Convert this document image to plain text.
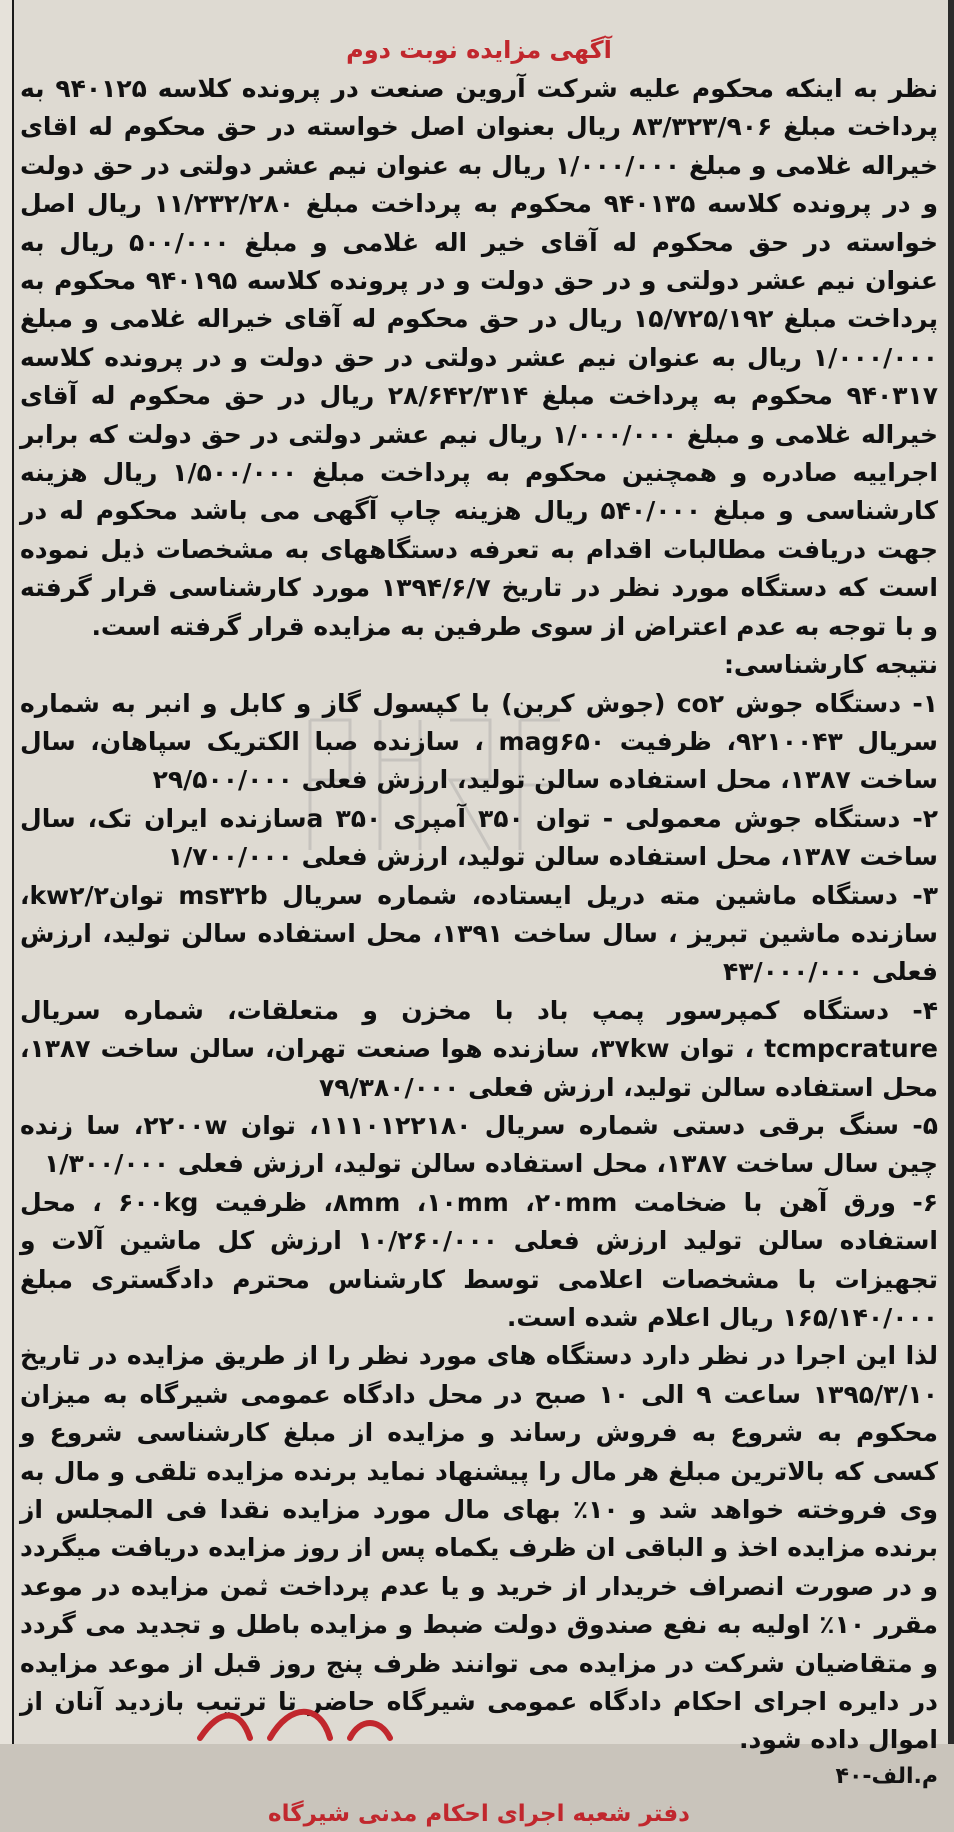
آگهی مزایده نوبت دوم

نظر به اینکه محکوم علیه شرکت آروین صنعت در پرونده کلاسه ۹۴۰۱۲۵ به پرداخت مبلغ ۸۳/۳۲۳/۹۰۶ ریال بعنوان اصل خواسته در حق محکوم له اقای خیراله غلامی و مبلغ ۱/۰۰۰/۰۰۰ ریال به عنوان نیم عشر دولتی در حق دولت و در پرونده کلاسه ۹۴۰۱۳۵ محکوم به پرداخت مبلغ ۱۱/۲۳۲/۲۸۰ ریال اصل خواسته در حق محکوم له آقای خیر اله غلامی و مبلغ ۵۰۰/۰۰۰ ریال به عنوان نیم عشر دولتی و در حق دولت و در پرونده کلاسه ۹۴۰۱۹۵ محکوم به پرداخت مبلغ ۱۵/۷۲۵/۱۹۲ ریال در حق محکوم له آقای خیراله غلامی و مبلغ ۱/۰۰۰/۰۰۰ ریال به عنوان نیم عشر دولتی در حق دولت و در پرونده کلاسه ۹۴۰۳۱۷ محکوم به پرداخت مبلغ ۲۸/۶۴۲/۳۱۴ ریال در حق محکوم له آقای خیراله غلامی و مبلغ ۱/۰۰۰/۰۰۰ ریال نیم عشر دولتی در حق دولت که برابر اجراییه صادره و همچنین محکوم به پرداخت مبلغ ۱/۵۰۰/۰۰۰ ریال هزینه کارشناسی و مبلغ ۵۴۰/۰۰۰ ریال هزینه چاپ آگهی می باشد محکوم له در جهت دریافت مطالبات اقدام به تعرفه دستگاههای به مشخصات ذیل نموده است که دستگاه مورد نظر در تاریخ ۱۳۹۴/۶/۷ مورد کارشناسی قرار گرفته و با توجه به عدم اعتراض از سوی طرفین به مزایده قرار گرفته است.

نتیجه کارشناسی:

۱- دستگاه جوش co۲ (جوش کربن) با کپسول گاز و کابل و انبر به شماره سریال ۹۲۱۰۰۴۳، ظرفیت mag۶۵۰ ، سازنده صبا الکتریک سپاهان، سال ساخت ۱۳۸۷، محل استفاده سالن تولید، ارزش فعلی ۲۹/۵۰۰/۰۰۰

۲- دستگاه جوش معمولی - توان ۳۵۰ آمپری ۳۵۰ aسازنده ایران تک، سال ساخت ۱۳۸۷، محل استفاده سالن تولید، ارزش فعلی ۱/۷۰۰/۰۰۰

۳- دستگاه ماشین مته دریل ایستاده، شماره سریال ms۳۲b توان۲/kw۲، سازنده ماشین تبریز ، سال ساخت ۱۳۹۱، محل استفاده سالن تولید، ارزش فعلی ۴۳/۰۰۰/۰۰۰

۴- دستگاه کمپرسور پمپ باد با مخزن و متعلقات، شماره سریال tcmpcrature ، توان ۳۷kw، سازنده هوا صنعت تهران، سالن ساخت ۱۳۸۷، محل استفاده سالن تولید، ارزش فعلی ۷۹/۳۸۰/۰۰۰

۵- سنگ برقی دستی شماره سریال ۱۱۱۰۱۲۲۱۸۰، توان ۲۲۰۰w، سا زنده چین سال ساخت ۱۳۸۷، محل استفاده سالن تولید، ارزش فعلی ۱/۳۰۰/۰۰۰

۶- ورق آهن با ضخامت ۸mm ،۱۰mm ،۲۰mm، ظرفیت ۶۰۰kg ، محل استفاده سالن تولید ارزش فعلی ۱۰/۲۶۰/۰۰۰ ارزش کل ماشین آلات و تجهیزات با مشخصات اعلامی توسط کارشناس محترم دادگستری مبلغ ۱۶۵/۱۴۰/۰۰۰ ریال اعلام شده است.

لذا این اجرا در نظر دارد دستگاه های مورد نظر را از طریق مزایده در تاریخ ۱۳۹۵/۳/۱۰ ساعت ۹ الی ۱۰ صبح در محل دادگاه عمومی شیرگاه به میزان محکوم به شروع به فروش رساند و مزایده از مبلغ کارشناسی شروع و کسی که بالاترین مبلغ هر مال را پیشنهاد نماید برنده مزایده تلقی و مال به وی فروخته خواهد شد و ۱۰٪ بهای مال مورد مزایده نقدا فی المجلس از برنده مزایده اخذ و الباقی ان ظرف یکماه پس از روز مزایده دریافت میگردد و در صورت انصراف خریدار از خرید و یا عدم پرداخت ثمن مزایده در موعد مقرر ۱۰٪ اولیه به نفع صندوق دولت ضبط و مزایده باطل و تجدید می گردد و متقاضیان شرکت در مزایده می توانند ظرف پنج روز قبل از موعد مزایده در دایره اجرای احکام دادگاه عمومی شیرگاه حاضر تا ترتیب بازدید آنان از اموال داده شود.

م.الف-۴۰
دفتر شعبه اجرای احکام مدنی شیرگاه
